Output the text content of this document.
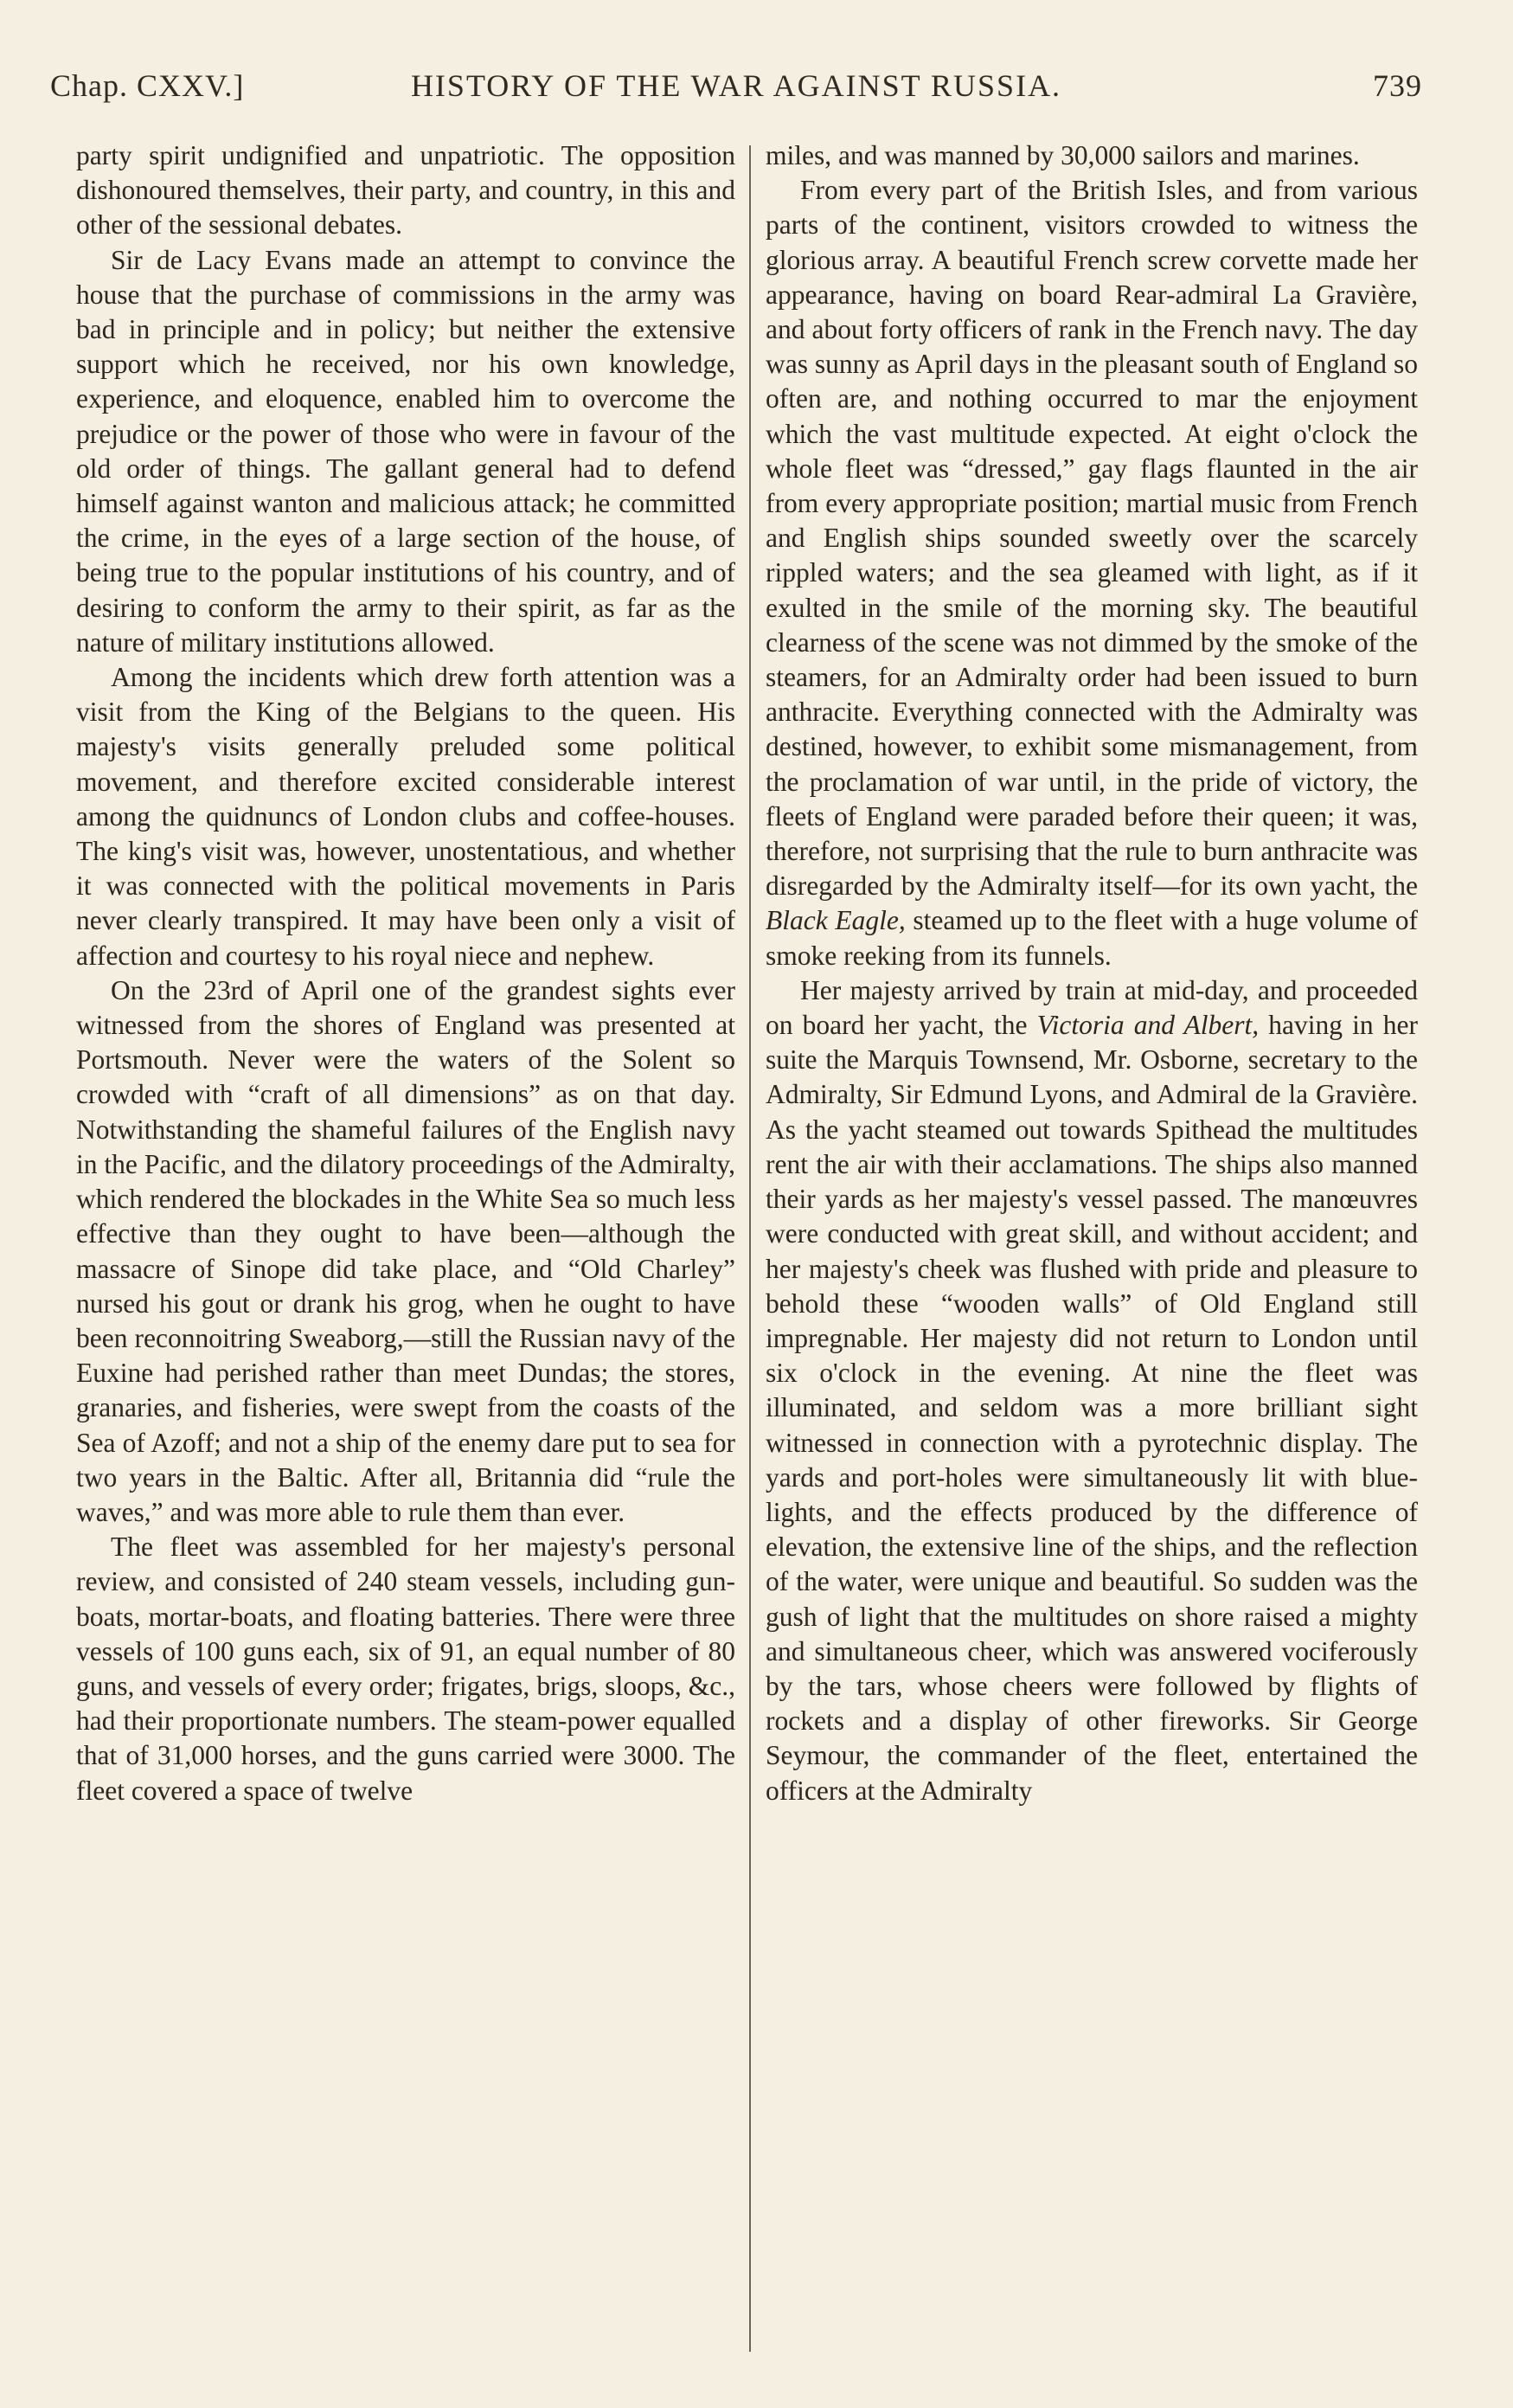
Chap. CXXV.]	HISTORY OF THE WAR AGAINST RUSSIA.	739

party spirit undignified and unpatriotic. The opposition dishonoured themselves, their party, and country, in this and other of the sessional debates.

Sir de Lacy Evans made an attempt to convince the house that the purchase of commissions in the army was bad in principle and in policy; but neither the extensive support which he received, nor his own knowledge, experience, and eloquence, enabled him to overcome the prejudice or the power of those who were in favour of the old order of things. The gallant general had to defend himself against wanton and malicious attack; he committed the crime, in the eyes of a large section of the house, of being true to the popular institutions of his country, and of desiring to conform the army to their spirit, as far as the nature of military institutions allowed.

Among the incidents which drew forth attention was a visit from the King of the Belgians to the queen. His majesty's visits generally preluded some political movement, and therefore excited considerable interest among the quidnuncs of London clubs and coffee-houses. The king's visit was, however, unostentatious, and whether it was connected with the political movements in Paris never clearly transpired. It may have been only a visit of affection and courtesy to his royal niece and nephew.

On the 23rd of April one of the grandest sights ever witnessed from the shores of England was presented at Portsmouth. Never were the waters of the Solent so crowded with “craft of all dimensions” as on that day. Notwithstanding the shameful failures of the English navy in the Pacific, and the dilatory proceedings of the Admiralty, which rendered the blockades in the White Sea so much less effective than they ought to have been—although the massacre of Sinope did take place, and “Old Charley” nursed his gout or drank his grog, when he ought to have been reconnoitring Sweaborg,—still the Russian navy of the Euxine had perished rather than meet Dundas; the stores, granaries, and fisheries, were swept from the coasts of the Sea of Azoff; and not a ship of the enemy dare put to sea for two years in the Baltic. After all, Britannia did “rule the waves,” and was more able to rule them than ever.

The fleet was assembled for her majesty's personal review, and consisted of 240 steam vessels, including gun-boats, mortar-boats, and floating batteries. There were three vessels of 100 guns each, six of 91, an equal number of 80 guns, and vessels of every order; frigates, brigs, sloops, &c., had their proportionate numbers. The steam-power equalled that of 31,000 horses, and the guns carried were 3000. The fleet covered a space of twelve

miles, and was manned by 30,000 sailors and marines.

From every part of the British Isles, and from various parts of the continent, visitors crowded to witness the glorious array. A beautiful French screw corvette made her appearance, having on board Rear-admiral La Gravière, and about forty officers of rank in the French navy. The day was sunny as April days in the pleasant south of England so often are, and nothing occurred to mar the enjoyment which the vast multitude expected. At eight o'clock the whole fleet was “dressed,” gay flags flaunted in the air from every appropriate position; martial music from French and English ships sounded sweetly over the scarcely rippled waters; and the sea gleamed with light, as if it exulted in the smile of the morning sky. The beautiful clearness of the scene was not dimmed by the smoke of the steamers, for an Admiralty order had been issued to burn anthracite. Everything connected with the Admiralty was destined, however, to exhibit some mismanagement, from the proclamation of war until, in the pride of victory, the fleets of England were paraded before their queen; it was, therefore, not surprising that the rule to burn anthracite was disregarded by the Admiralty itself—for its own yacht, the Black Eagle, steamed up to the fleet with a huge volume of smoke reeking from its funnels.

Her majesty arrived by train at mid-day, and proceeded on board her yacht, the Victoria and Albert, having in her suite the Marquis Townsend, Mr. Osborne, secretary to the Admiralty, Sir Edmund Lyons, and Admiral de la Gravière. As the yacht steamed out towards Spithead the multitudes rent the air with their acclamations. The ships also manned their yards as her majesty's vessel passed. The manœuvres were conducted with great skill, and without accident; and her majesty's cheek was flushed with pride and pleasure to behold these “wooden walls” of Old England still impregnable. Her majesty did not return to London until six o'clock in the evening. At nine the fleet was illuminated, and seldom was a more brilliant sight witnessed in connection with a pyrotechnic display. The yards and port-holes were simultaneously lit with blue-lights, and the effects produced by the difference of elevation, the extensive line of the ships, and the reflection of the water, were unique and beautiful. So sudden was the gush of light that the multitudes on shore raised a mighty and simultaneous cheer, which was answered vociferously by the tars, whose cheers were followed by flights of rockets and a display of other fireworks. Sir George Seymour, the commander of the fleet, entertained the officers at the Admiralty
